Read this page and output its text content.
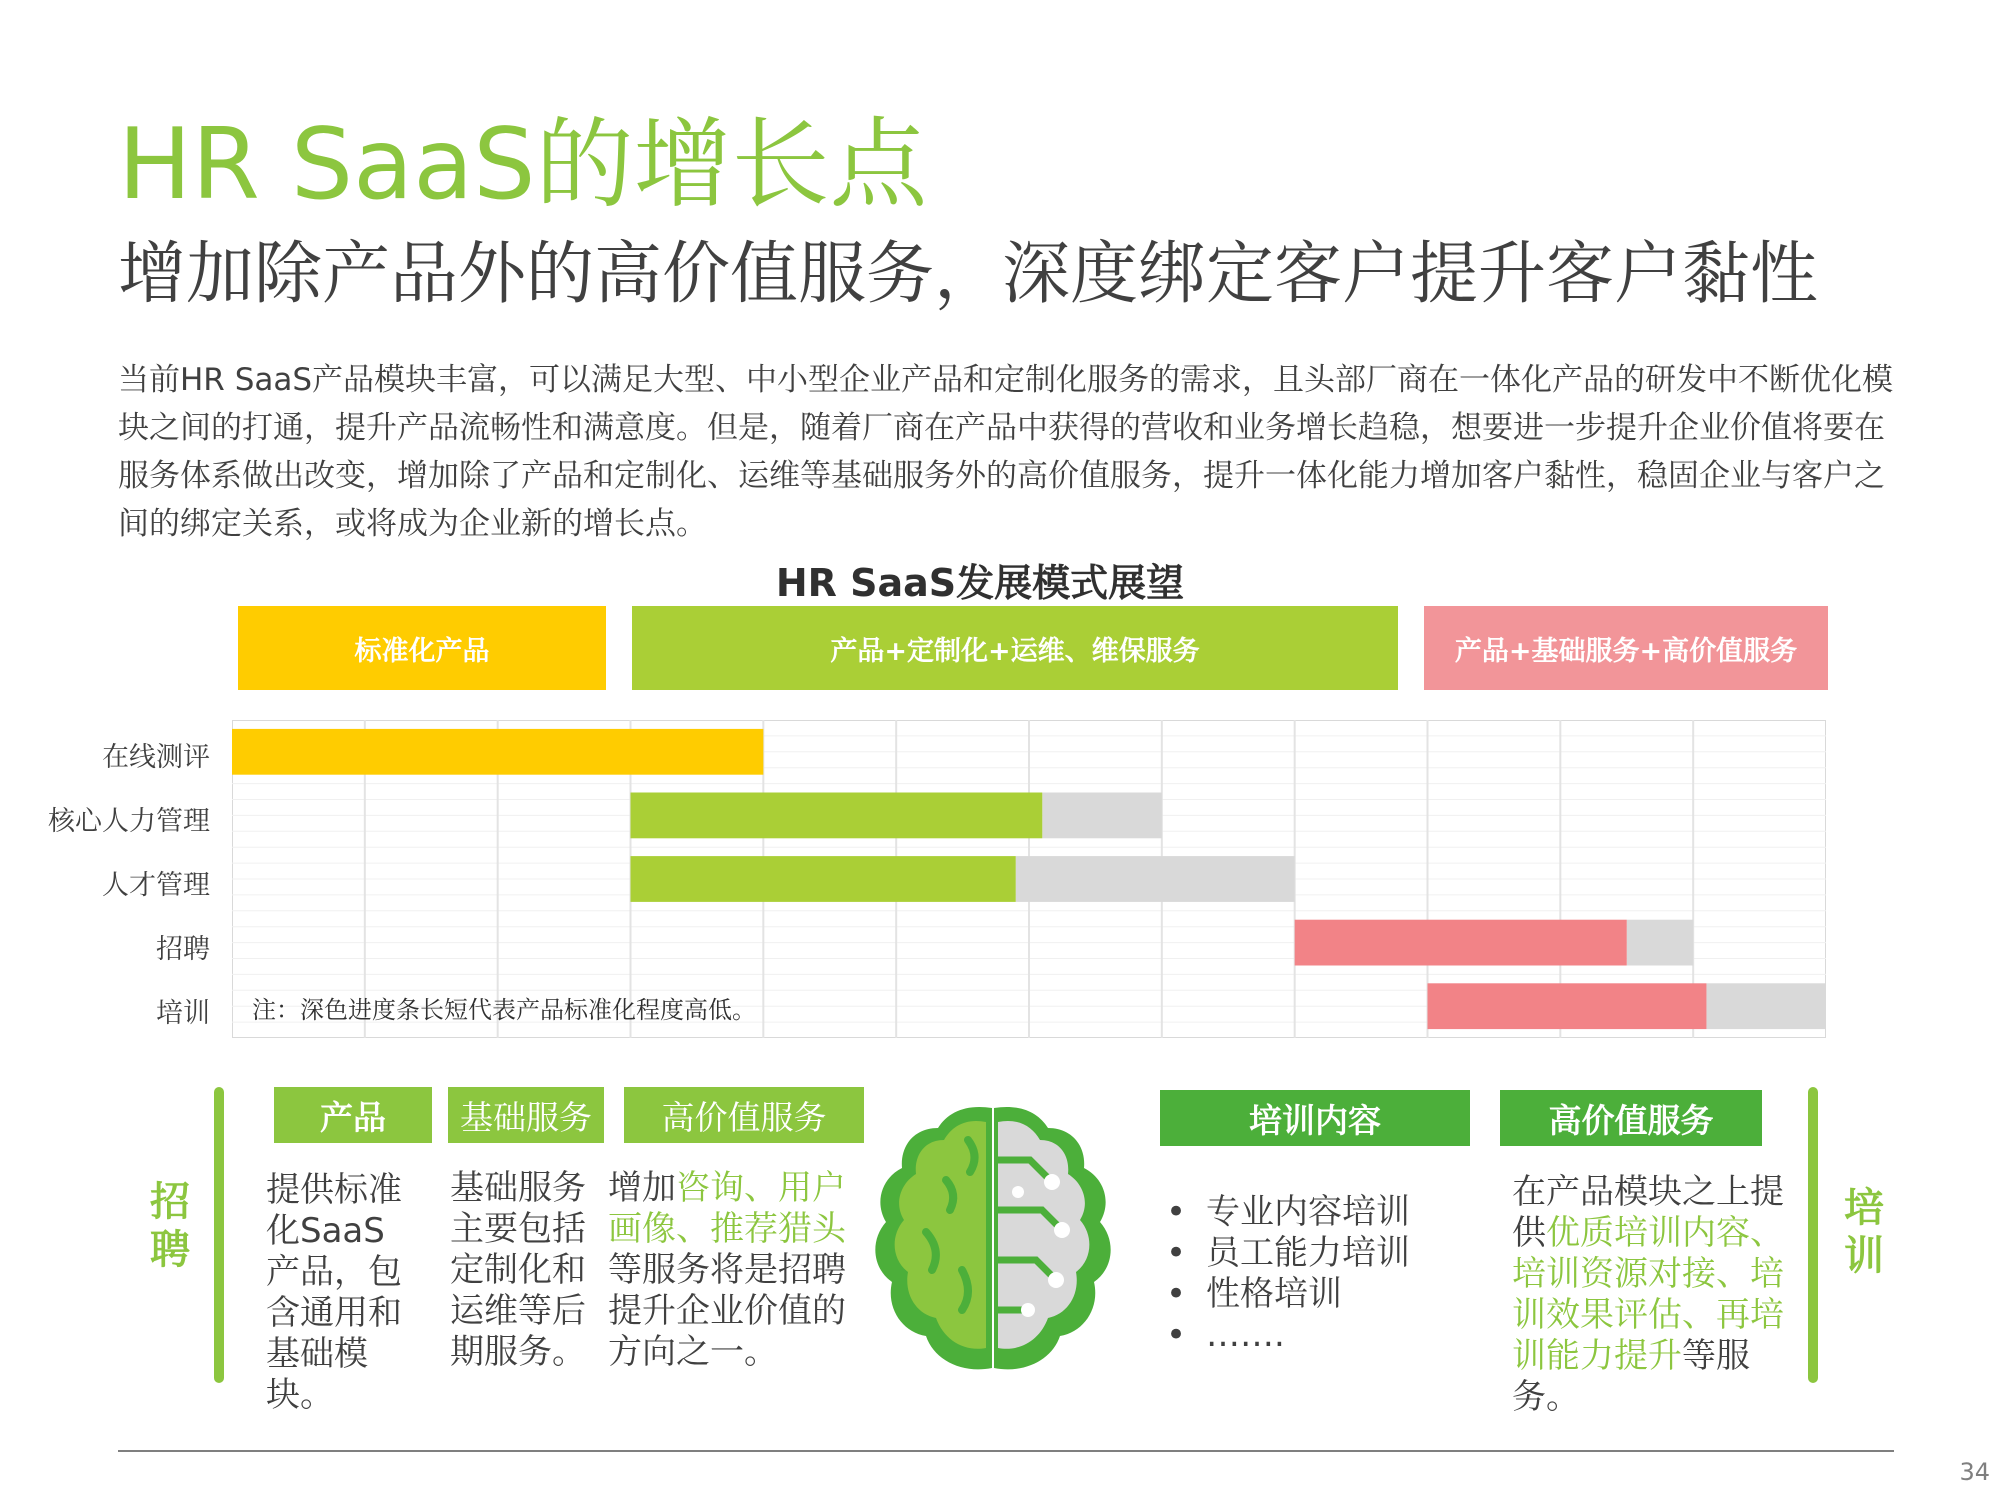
HR SaaS的增长点
增加除产品外的高价值服务，深度绑定客户提升客户黏性
当前HR SaaS产品模块丰富，可以满足大型、中小型企业产品和定制化服务的需求，且头部厂商在一体化产品的研发中不断优化模块之间的打通，提升产品流畅性和满意度。但是，随着厂商在产品中获得的营收和业务增长趋稳，想要进一步提升企业价值将要在服务体系做出改变，增加除了产品和定制化、运维等基础服务外的高价值服务，提升一体化能力增加客户黏性，稳固企业与客户之间的绑定关系，或将成为企业新的增长点。
HR SaaS发展模式展望
标准化产品	产品+定制化+运维、维保服务	产品+基础服务+高价值服务
在线测评
核心人力管理
人才管理
招聘
培训 注：深色进度条长短代表产品标准化程度高低。
招聘
产品	基础服务	高价值服务
提供标准化SaaS产品，包含通用和基础模块。
基础服务主要包括定制化和运维等后期服务。
增加咨询、用户画像、推荐猎头等服务将是招聘提升企业价值的方向之一。
培训内容	高价值服务
• 专业内容培训
• 员工能力培训
• 性格培训
• …….
在产品模块之上提供优质培训内容、培训资源对接、培训效果评估、再培训能力提升等服务。
培训
34
